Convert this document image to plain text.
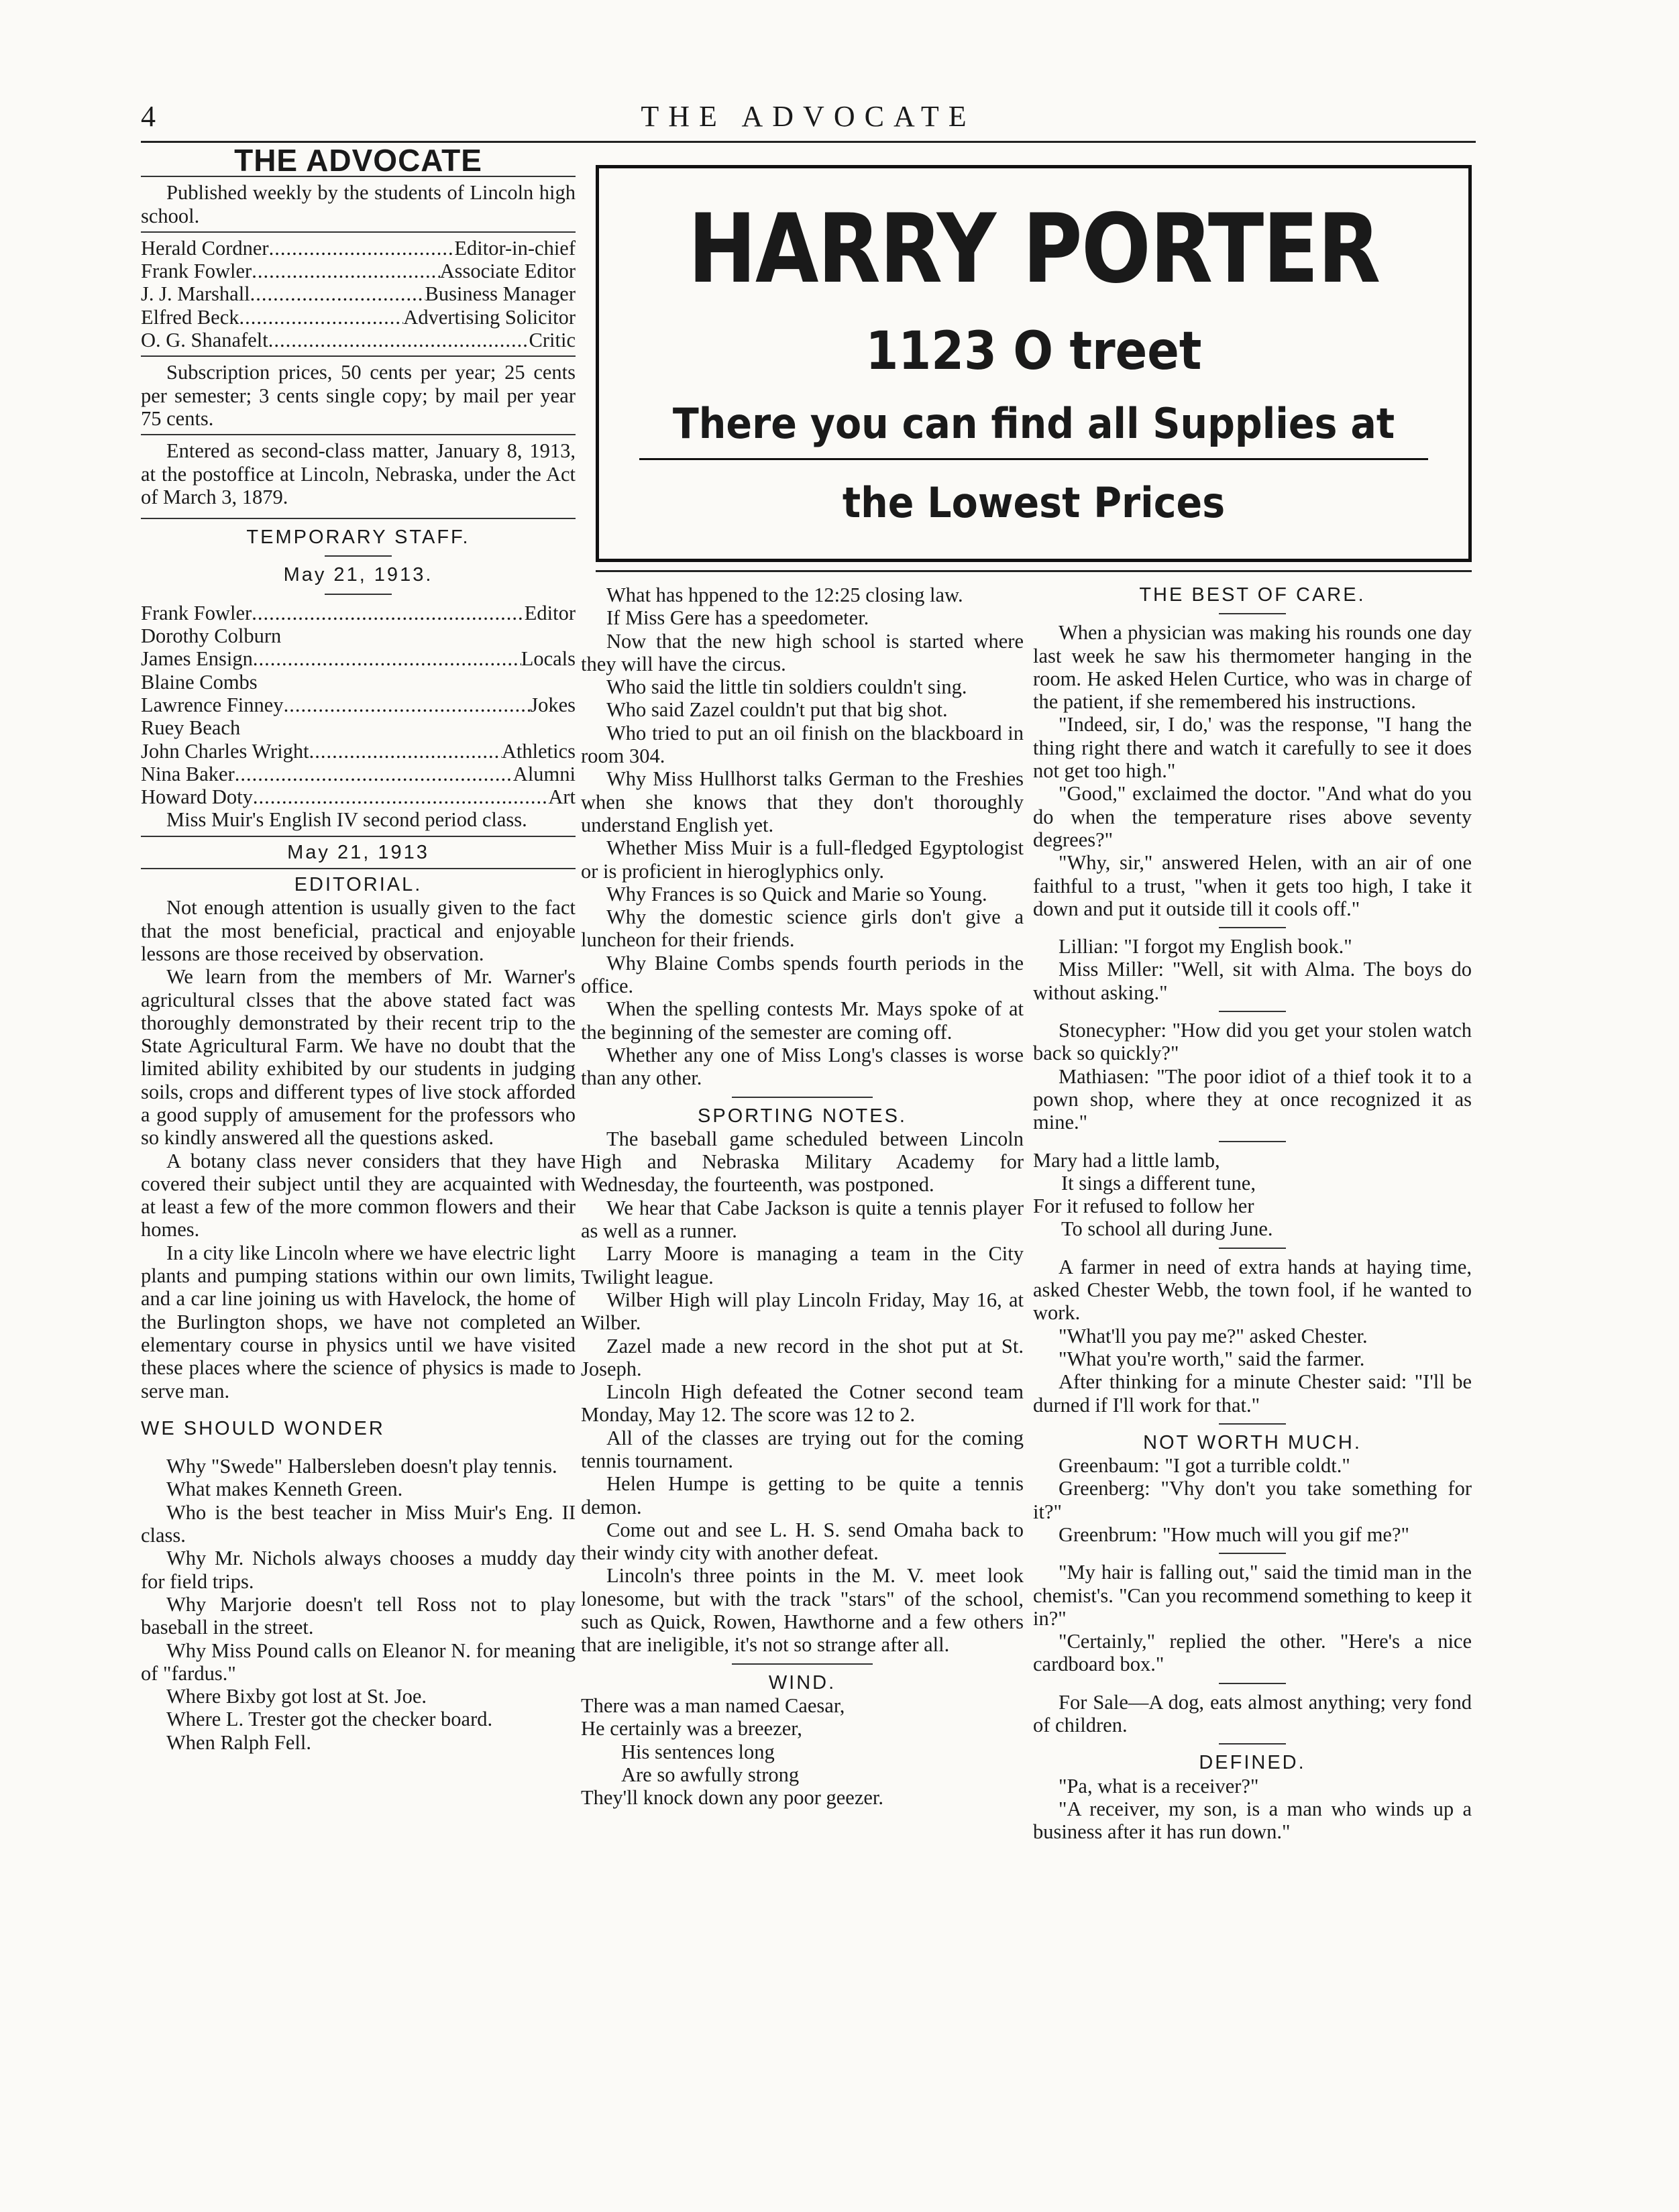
4	THE ADVOCATE
THE ADVOCATE

Published weekly by the students of Lincoln high school.

Herald Cordner .....	Editor-in-chief
Frank Fowler .....	Associate Editor
J. J. Marshall .....	Business Manager
Elfred Beck .....	Advertising Solicitor
O. G. Shanafelt .....	Critic

Subscription prices, 50 cents per year; 25 cents per semester; 3 cents single copy; by mail per year 75 cents.

Entered as second-class matter, January 8, 1913, at the postoffice at Lincoln, Nebraska, under the Act of March 3, 1879.

TEMPORARY STAFF.
May 21, 1913.
Frank Fowler .....	Editor
Dorothy Colburn
James Ensign .....	Locals
Blaine Combs
Lawrence Finney .....	Jokes
Ruey Beach
John Charles Wright .....	Athletics
Nina Baker .....	Alumni
Howard Doty .....	Art

Miss Muir's English IV second period class.

May 21, 1913
EDITORIAL.

Not enough attention is usually given to the fact that the most beneficial, practical and enjoyable lessons are those received by observation.

We learn from the members of Mr. Warner's agricultural clsses that the above stated fact was thoroughly demonstrated by their recent trip to the State Agricultural Farm. We have no doubt that the limited ability exhibited by our students in judging soils, crops and different types of live stock afforded a good supply of amusement for the professors who so kindly answered all the questions asked.

A botany class never considers that they have covered their subject until they are acquainted with at least a few of the more common flowers and their homes.

In a city like Lincoln where we have electric light plants and pumping stations within our own limits, and a car line joining us with Havelock, the home of the Burlington shops, we have not completed an elementary course in physics until we have visited these places where the science of physics is made to serve man.

WE SHOULD WONDER

Why "Swede" Halbersleben doesn't play tennis.

What makes Kenneth Green.

Who is the best teacher in Miss Muir's Eng. II class.

Why Mr. Nichols always chooses a muddy day for field trips.

Why Marjorie doesn't tell Ross not to play baseball in the street.

Why Miss Pound calls on Eleanor N. for meaning of "fardus."

Where Bixby got lost at St. Joe.

Where L. Trester got the checker board.

When Ralph Fell.

HARRY PORTER
1123 O treet
There you can find all Supplies at
the Lowest Prices

What has hppened to the 12:25 closing law.

If Miss Gere has a speedometer.

Now that the new high school is started where they will have the circus.

Who said the little tin soldiers couldn't sing.

Who said Zazel couldn't put that big shot.

Who tried to put an oil finish on the blackboard in room 304.

Why Miss Hullhorst talks German to the Freshies when she knows that they don't thoroughly understand English yet.

Whether Miss Muir is a full-fledged Egyptologist or is proficient in hieroglyphics only.

Why Frances is so Quick and Marie so Young.

Why the domestic science girls don't give a luncheon for their friends.

Why Blaine Combs spends fourth periods in the office.

When the spelling contests Mr. Mays spoke of at the beginning of the semester are coming off.

Whether any one of Miss Long's classes is worse than any other.

SPORTING NOTES.

The baseball game scheduled between Lincoln High and Nebraska Military Academy for Wednesday, the fourteenth, was postponed.

We hear that Cabe Jackson is quite a tennis player as well as a runner.

Larry Moore is managing a team in the City Twilight league.

Wilber High will play Lincoln Friday, May 16, at Wilber.

Zazel made a new record in the shot put at St. Joseph.

Lincoln High defeated the Cotner second team Monday, May 12. The score was 12 to 2.

All of the classes are trying out for the coming tennis tournament.

Helen Humpe is getting to be quite a tennis demon.

Come out and see L. H. S. send Omaha back to their windy city with another defeat.

Lincoln's three points in the M. V. meet look lonesome, but with the track "stars" of the school, such as Quick, Rowen, Hawthorne and a few others that are ineligible, it's not so strange after all.

WIND.

There was a man named Caesar,

He certainly was a breezer,

His sentences long

Are so awfully strong

They'll knock down any poor geezer.

THE BEST OF CARE.

When a physician was making his rounds one day last week he saw his thermometer hanging in the room. He asked Helen Curtice, who was in charge of the patient, if she remembered his instructions.

"Indeed, sir, I do,' was the response, "I hang the thing right there and watch it carefully to see it does not get too high."

"Good," exclaimed the doctor. "And what do you do when the temperature rises above seventy degrees?"

"Why, sir," answered Helen, with an air of one faithful to a trust, "when it gets too high, I take it down and put it outside till it cools off."

Lillian: "I forgot my English book."

Miss Miller: "Well, sit with Alma. The boys do without asking."

Stonecypher: "How did you get your stolen watch back so quickly?"

Mathiasen: "The poor idiot of a thief took it to a pown shop, where they at once recognized it as mine."

Mary had a little lamb,

It sings a different tune,

For it refused to follow her

To school all during June.

A farmer in need of extra hands at haying time, asked Chester Webb, the town fool, if he wanted to work.

"What'll you pay me?" asked Chester.

"What you're worth," said the farmer.

After thinking for a minute Chester said: "I'll be durned if I'll work for that."

NOT WORTH MUCH.

Greenbaum: "I got a turrible coldt."

Greenberg: "Vhy don't you take something for it?"

Greenbrum: "How much will you gif me?"

"My hair is falling out," said the timid man in the chemist's. "Can you recommend something to keep it in?"

"Certainly," replied the other. "Here's a nice cardboard box."

For Sale—A dog, eats almost anything; very fond of children.

DEFINED.

"Pa, what is a receiver?"

"A receiver, my son, is a man who winds up a business after it has run down."
